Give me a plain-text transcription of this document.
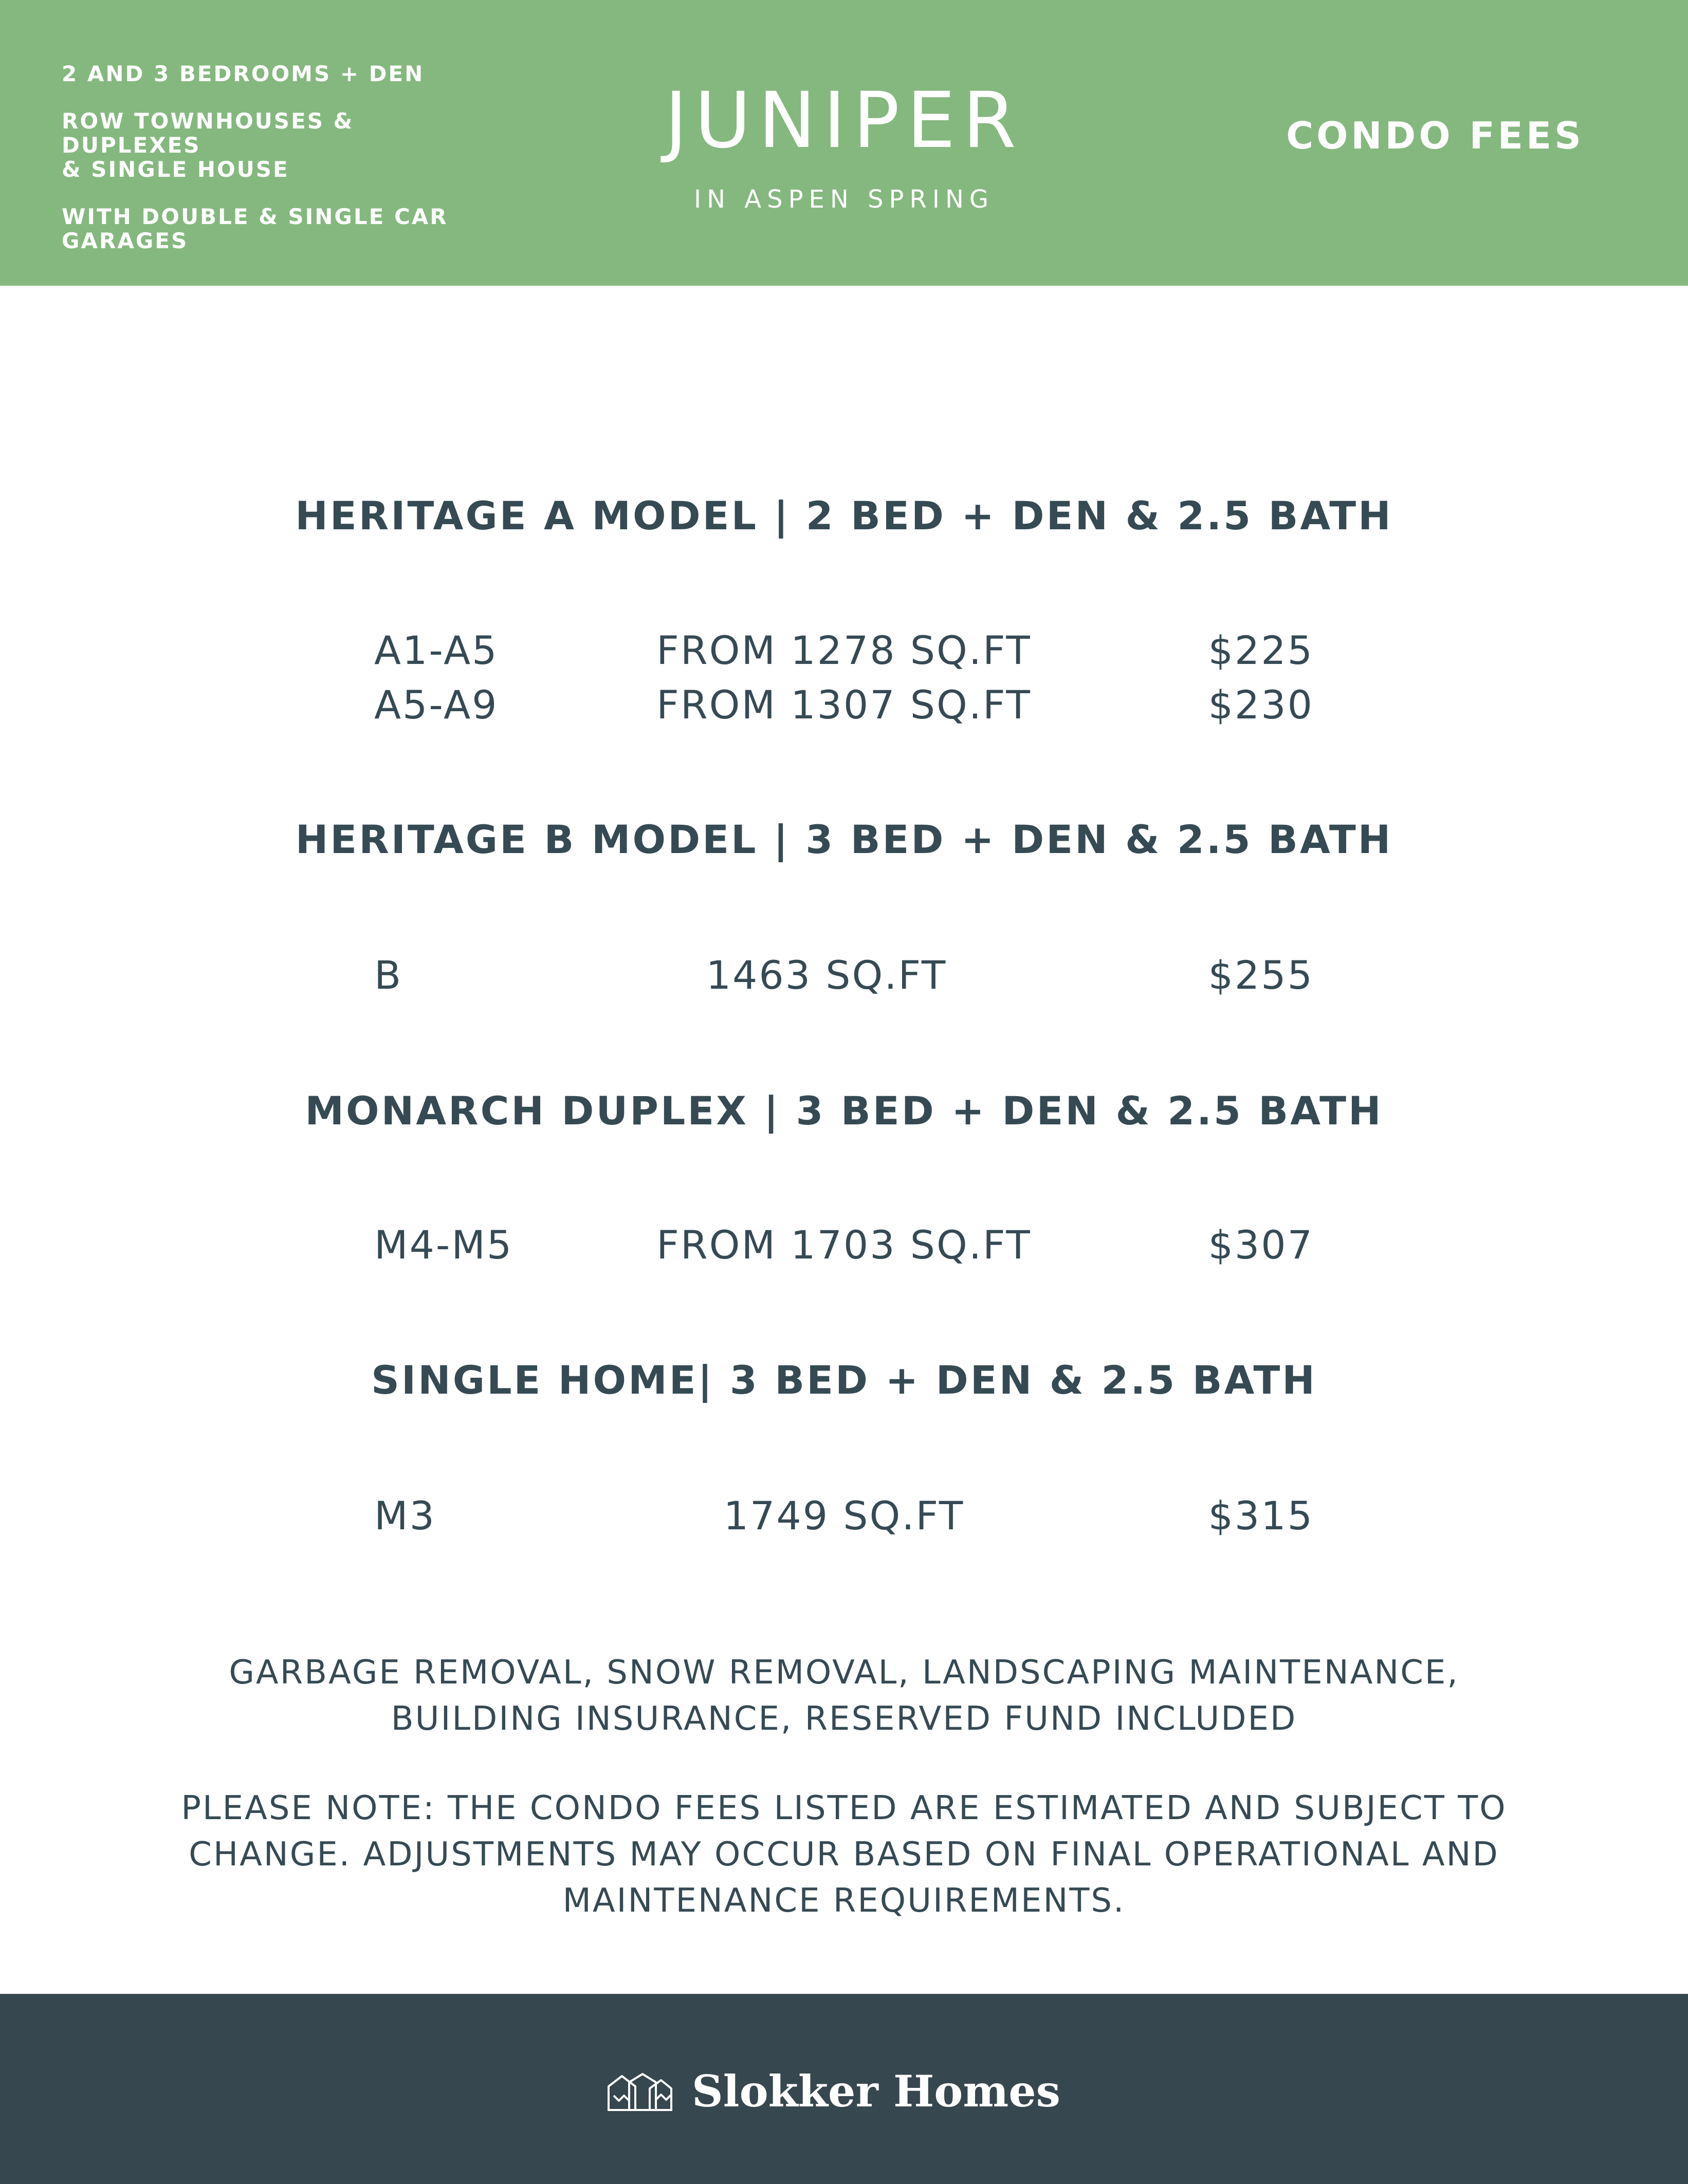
2 AND 3 BEDROOMS + DEN
ROW TOWNHOUSES & DUPLEXES
& SINGLE HOUSE
WITH DOUBLE & SINGLE CAR
GARAGES
JUNIPER
IN ASPEN SPRING
CONDO FEES
HERITAGE A MODEL | 2 BED + DEN & 2.5 BATH
A1-A5	FROM 1278 SQ.FT	$225
A5-A9	FROM 1307 SQ.FT	$230
HERITAGE B MODEL | 3 BED + DEN & 2.5 BATH
B	1463 SQ.FT	$255
MONARCH DUPLEX | 3 BED + DEN & 2.5 BATH
M4-M5	FROM 1703 SQ.FT	$307
SINGLE HOME| 3 BED + DEN & 2.5 BATH
M3	1749 SQ.FT	$315
GARBAGE REMOVAL, SNOW REMOVAL, LANDSCAPING MAINTENANCE, BUILDING INSURANCE, RESERVED FUND INCLUDED
PLEASE NOTE: THE CONDO FEES LISTED ARE ESTIMATED AND SUBJECT TO CHANGE. ADJUSTMENTS MAY OCCUR BASED ON FINAL OPERATIONAL AND MAINTENANCE REQUIREMENTS.
Slokker Homes
